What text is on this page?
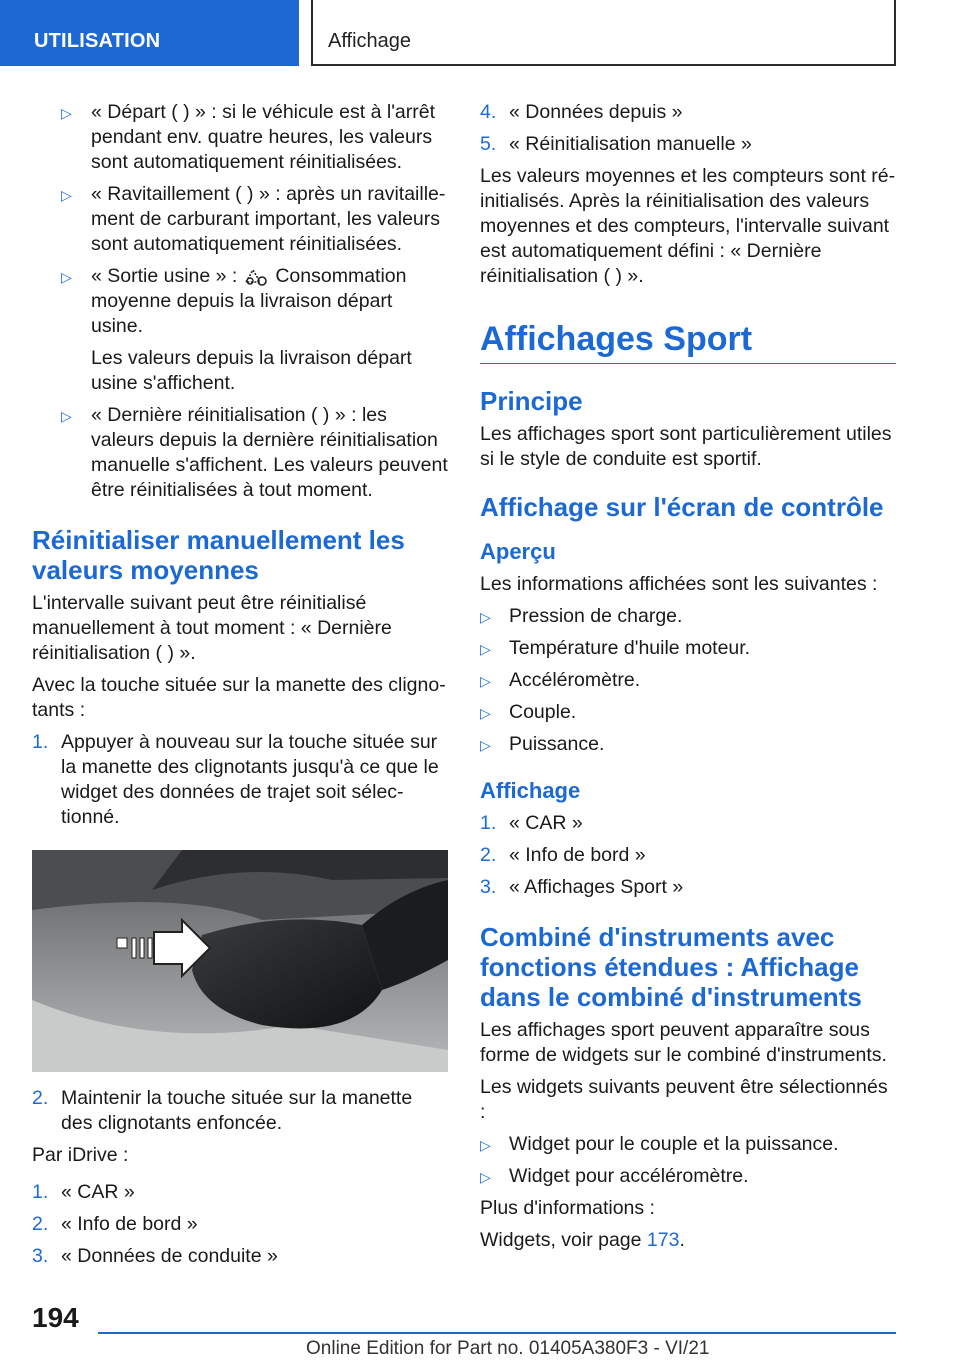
UTILISATION	Affichage
▷ « Départ ( ) » : si le véhicule est à l'arrêt pendant env. quatre heures, les valeurs sont automatiquement réinitialisées.
▷ « Ravitaillement ( ) » : après un ravitaillement de carburant important, les valeurs sont automatiquement réinitialisées.
▷ « Sortie usine » : Consommation moyenne depuis la livraison départ usine.
Les valeurs depuis la livraison départ usine s'affichent.
▷ « Dernière réinitialisation ( ) » : les valeurs depuis la dernière réinitialisation manuelle s'affichent. Les valeurs peuvent être réinitialisées à tout moment.
Réinitialiser manuellement les valeurs moyennes

L'intervalle suivant peut être réinitialisé manuellement à tout moment : « Dernière réinitialisation ( ) ».

Avec la touche située sur la manette des clignotants :

1. Appuyer à nouveau sur la touche située sur la manette des clignotants jusqu'à ce que le widget des données de trajet soit sélectionné.
2. Maintenir la touche située sur la manette des clignotants enfoncée.

Par iDrive :

1. « CAR »
2. « Info de bord »
3. « Données de conduite »
4. « Données depuis »
5. « Réinitialisation manuelle »

Les valeurs moyennes et les compteurs sont réinitialisés. Après la réinitialisation des valeurs moyennes et des compteurs, l'intervalle suivant est automatiquement défini : « Dernière réinitialisation ( ) ».

Affichages Sport
Principe

Les affichages sport sont particulièrement utiles si le style de conduite est sportif.

Affichage sur l'écran de contrôle
Aperçu

Les informations affichées sont les suivantes :

▷ Pression de charge.
▷ Température d'huile moteur.
▷ Accéléromètre.
▷ Couple.
▷ Puissance.
Affichage
1. « CAR »
2. « Info de bord »
3. « Affichages Sport »
Combiné d'instruments avec fonctions étendues : Affichage dans le combiné d'instruments

Les affichages sport peuvent apparaître sous forme de widgets sur le combiné d'instruments.

Les widgets suivants peuvent être sélectionnés :

▷ Widget pour le couple et la puissance.
▷ Widget pour accéléromètre.

Plus d'informations :

Widgets, voir page 173.

194
Online Edition for Part no. 01405A380F3 - VI/21
